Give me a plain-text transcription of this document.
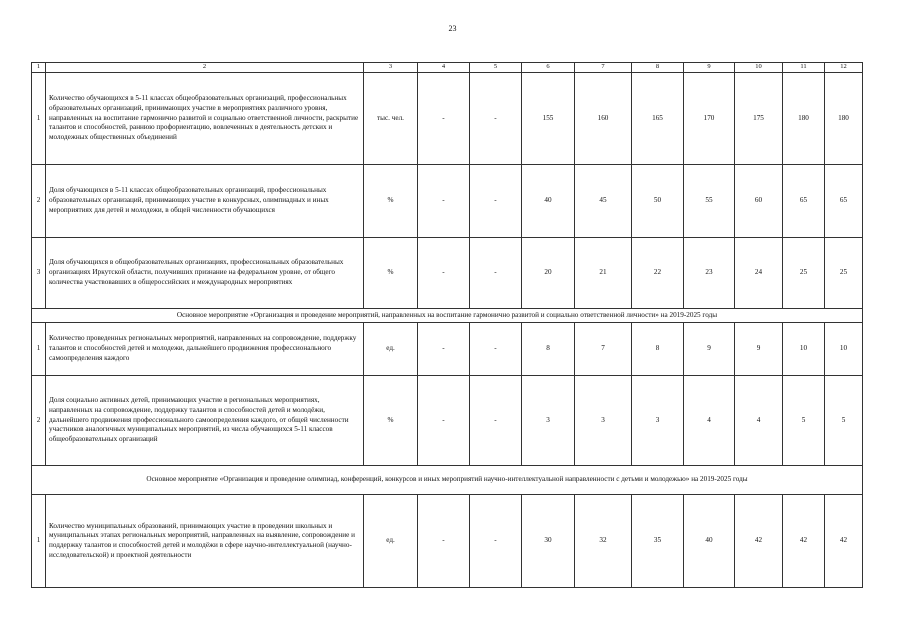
23
1	2	3	4	5	6	7	8	9	10	11	12
1	Количество обучающихся в 5-11 классах общеобразовательных организаций, профессиональных образовательных организаций, принимающих участие в мероприятиях различного уровня, направленных на воспитание гармонично развитой и социально ответственной личности, раскрытие талантов и способностей, раннюю профориентацию, вовлеченных в деятельность детских и молодежных общественных объединений	тыс. чел.	-	-	155	160	165	170	175	180	180
2	Доля обучающихся в 5-11 классах общеобразовательных организаций, профессиональных образовательных организаций, принимающих участие в конкурсных, олимпиадных и иных мероприятиях для детей и молодежи, в общей численности обучающихся	%	-	-	40	45	50	55	60	65	65
3	Доля обучающихся в общеобразовательных организациях, профессиональных образовательных организациях Иркутской области, получивших признание на федеральном уровне, от общего количества участвовавших в общероссийских и международных мероприятиях	%	-	-	20	21	22	23	24	25	25
Основное мероприятие «Организация и проведение мероприятий, направленных на воспитание гармонично развитой и социально ответственной личности» на 2019-2025 годы											
1	Количество проведенных региональных мероприятий, направленных на сопровождение, поддержку талантов и способностей детей и молодежи, дальнейшего продвижения профессионального самоопределения каждого	ед.	-	-	8	7	8	9	9	10	10
2	Доля социально активных детей, принимающих участие в региональных мероприятиях, направленных на сопровождение, поддержку талантов и способностей детей и молодёжи, дальнейшего продвижения профессионального самоопределения каждого, от общей численности участников аналогичных муниципальных мероприятий, из числа обучающихся 5-11 классов общеобразовательных организаций	%	-	-	3	3	3	4	4	5	5
Основное мероприятие «Организация и проведение олимпиад, конференций, конкурсов и иных мероприятий научно-интеллектуальной направленности с детьми и молодежью» на 2019-2025 годы											
1	Количество муниципальных образований, принимающих участие в проведении школьных и муниципальных этапах региональных мероприятий, направленных на выявление, сопровождение и поддержку талантов и способностей детей и молодёжи в сфере научно-интеллектуальной (научно-исследовательской) и проектной деятельности	ед.	-	-	30	32	35	40	42	42	42
